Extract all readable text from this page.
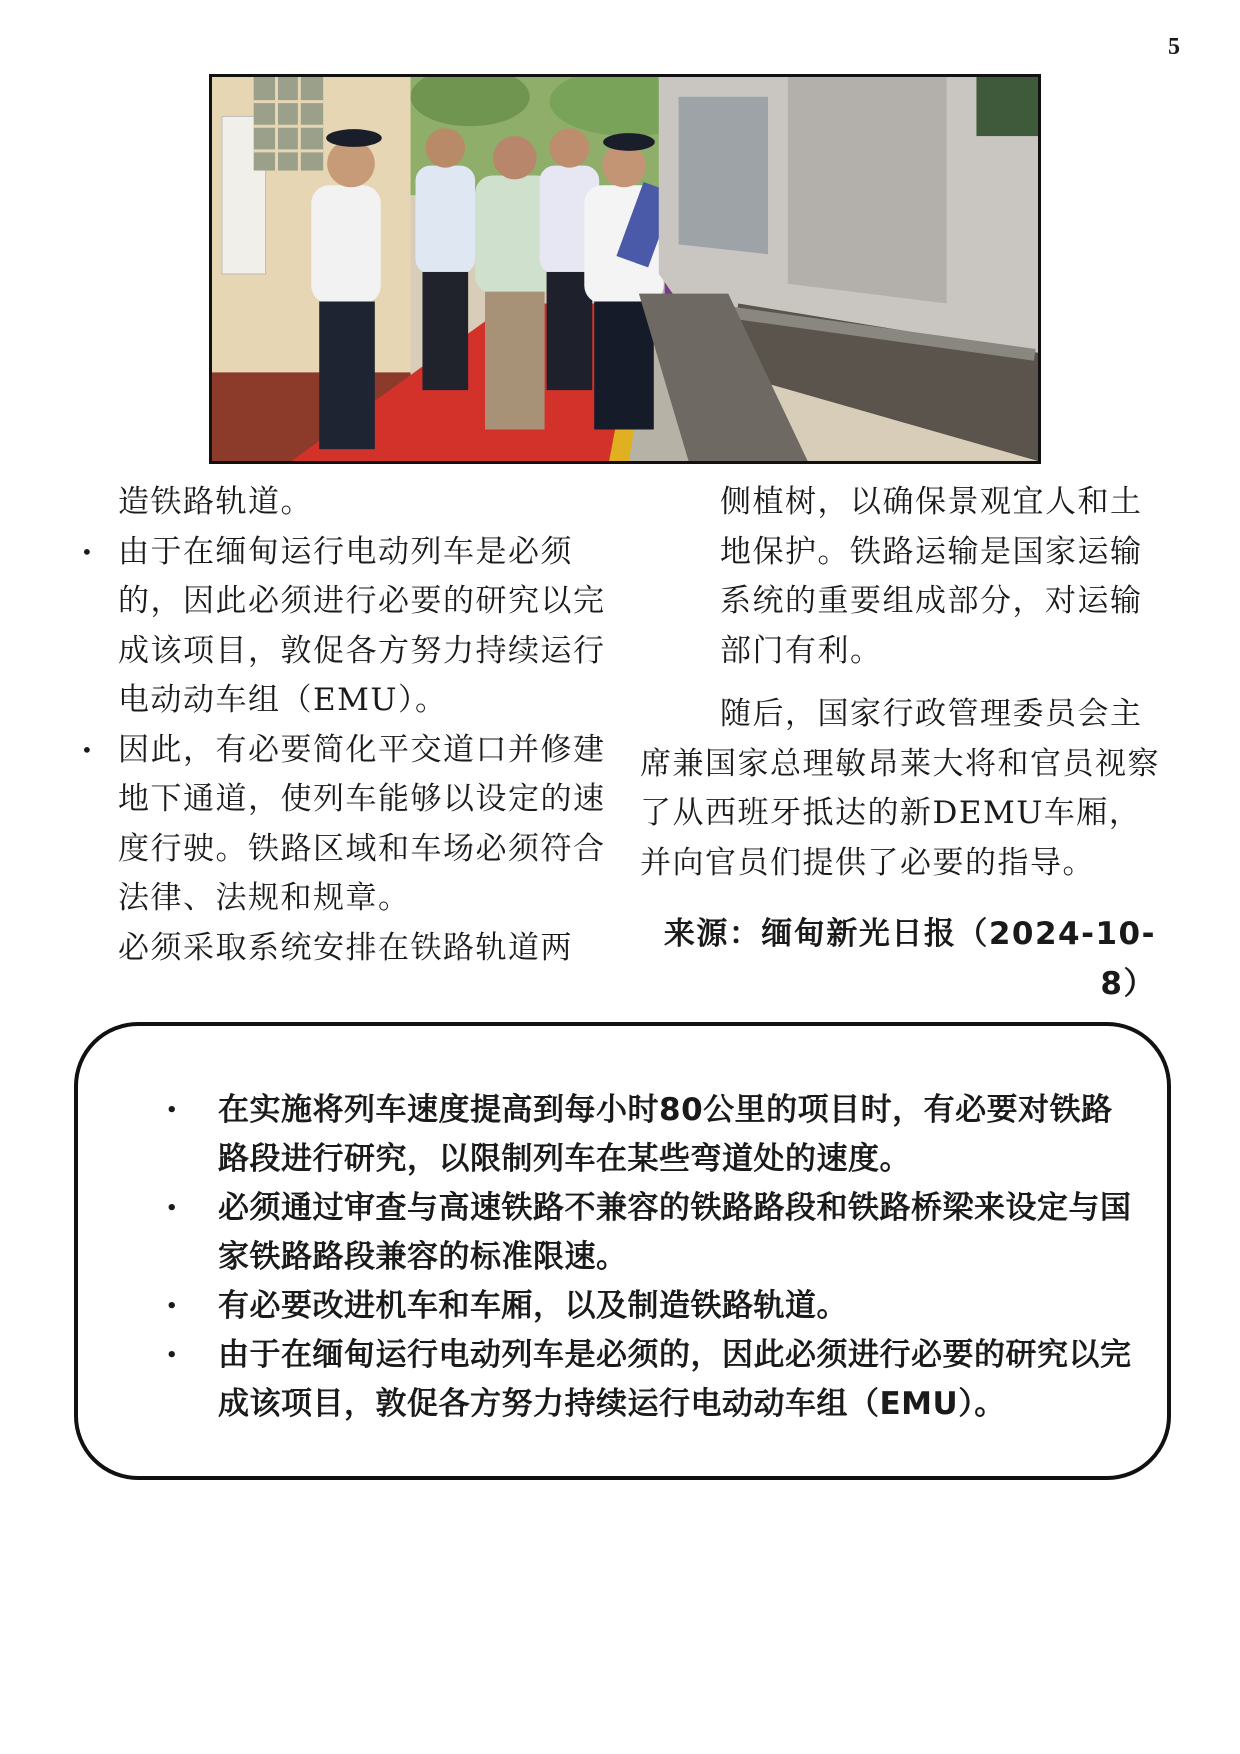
5

造铁路轨道。

• 由于在缅甸运行电动列车是必须的，因此必须进行必要的研究以完成该项目，敦促各方努力持续运行电动动车组（EMU）。
• 因此，有必要简化平交道口并修建地下通道，使列车能够以设定的速度行驶。铁路区域和车场必须符合法律、法规和规章。

必须采取系统安排在铁路轨道两

侧植树，以确保景观宜人和土地保护。铁路运输是国家运输系统的重要组成部分，对运输部门有利。

随后，国家行政管理委员会主席兼国家总理敏昂莱大将和官员视察了从西班牙抵达的新DEMU车厢，并向官员们提供了必要的指导。

来源：缅甸新光日报（2024-10-8）

• 在实施将列车速度提高到每小时80公里的项目时，有必要对铁路路段进行研究，以限制列车在某些弯道处的速度。
• 必须通过审查与高速铁路不兼容的铁路路段和铁路桥梁来设定与国家铁路路段兼容的标准限速。
• 有必要改进机车和车厢，以及制造铁路轨道。
• 由于在缅甸运行电动列车是必须的，因此必须进行必要的研究以完成该项目，敦促各方努力持续运行电动动车组（EMU）。
